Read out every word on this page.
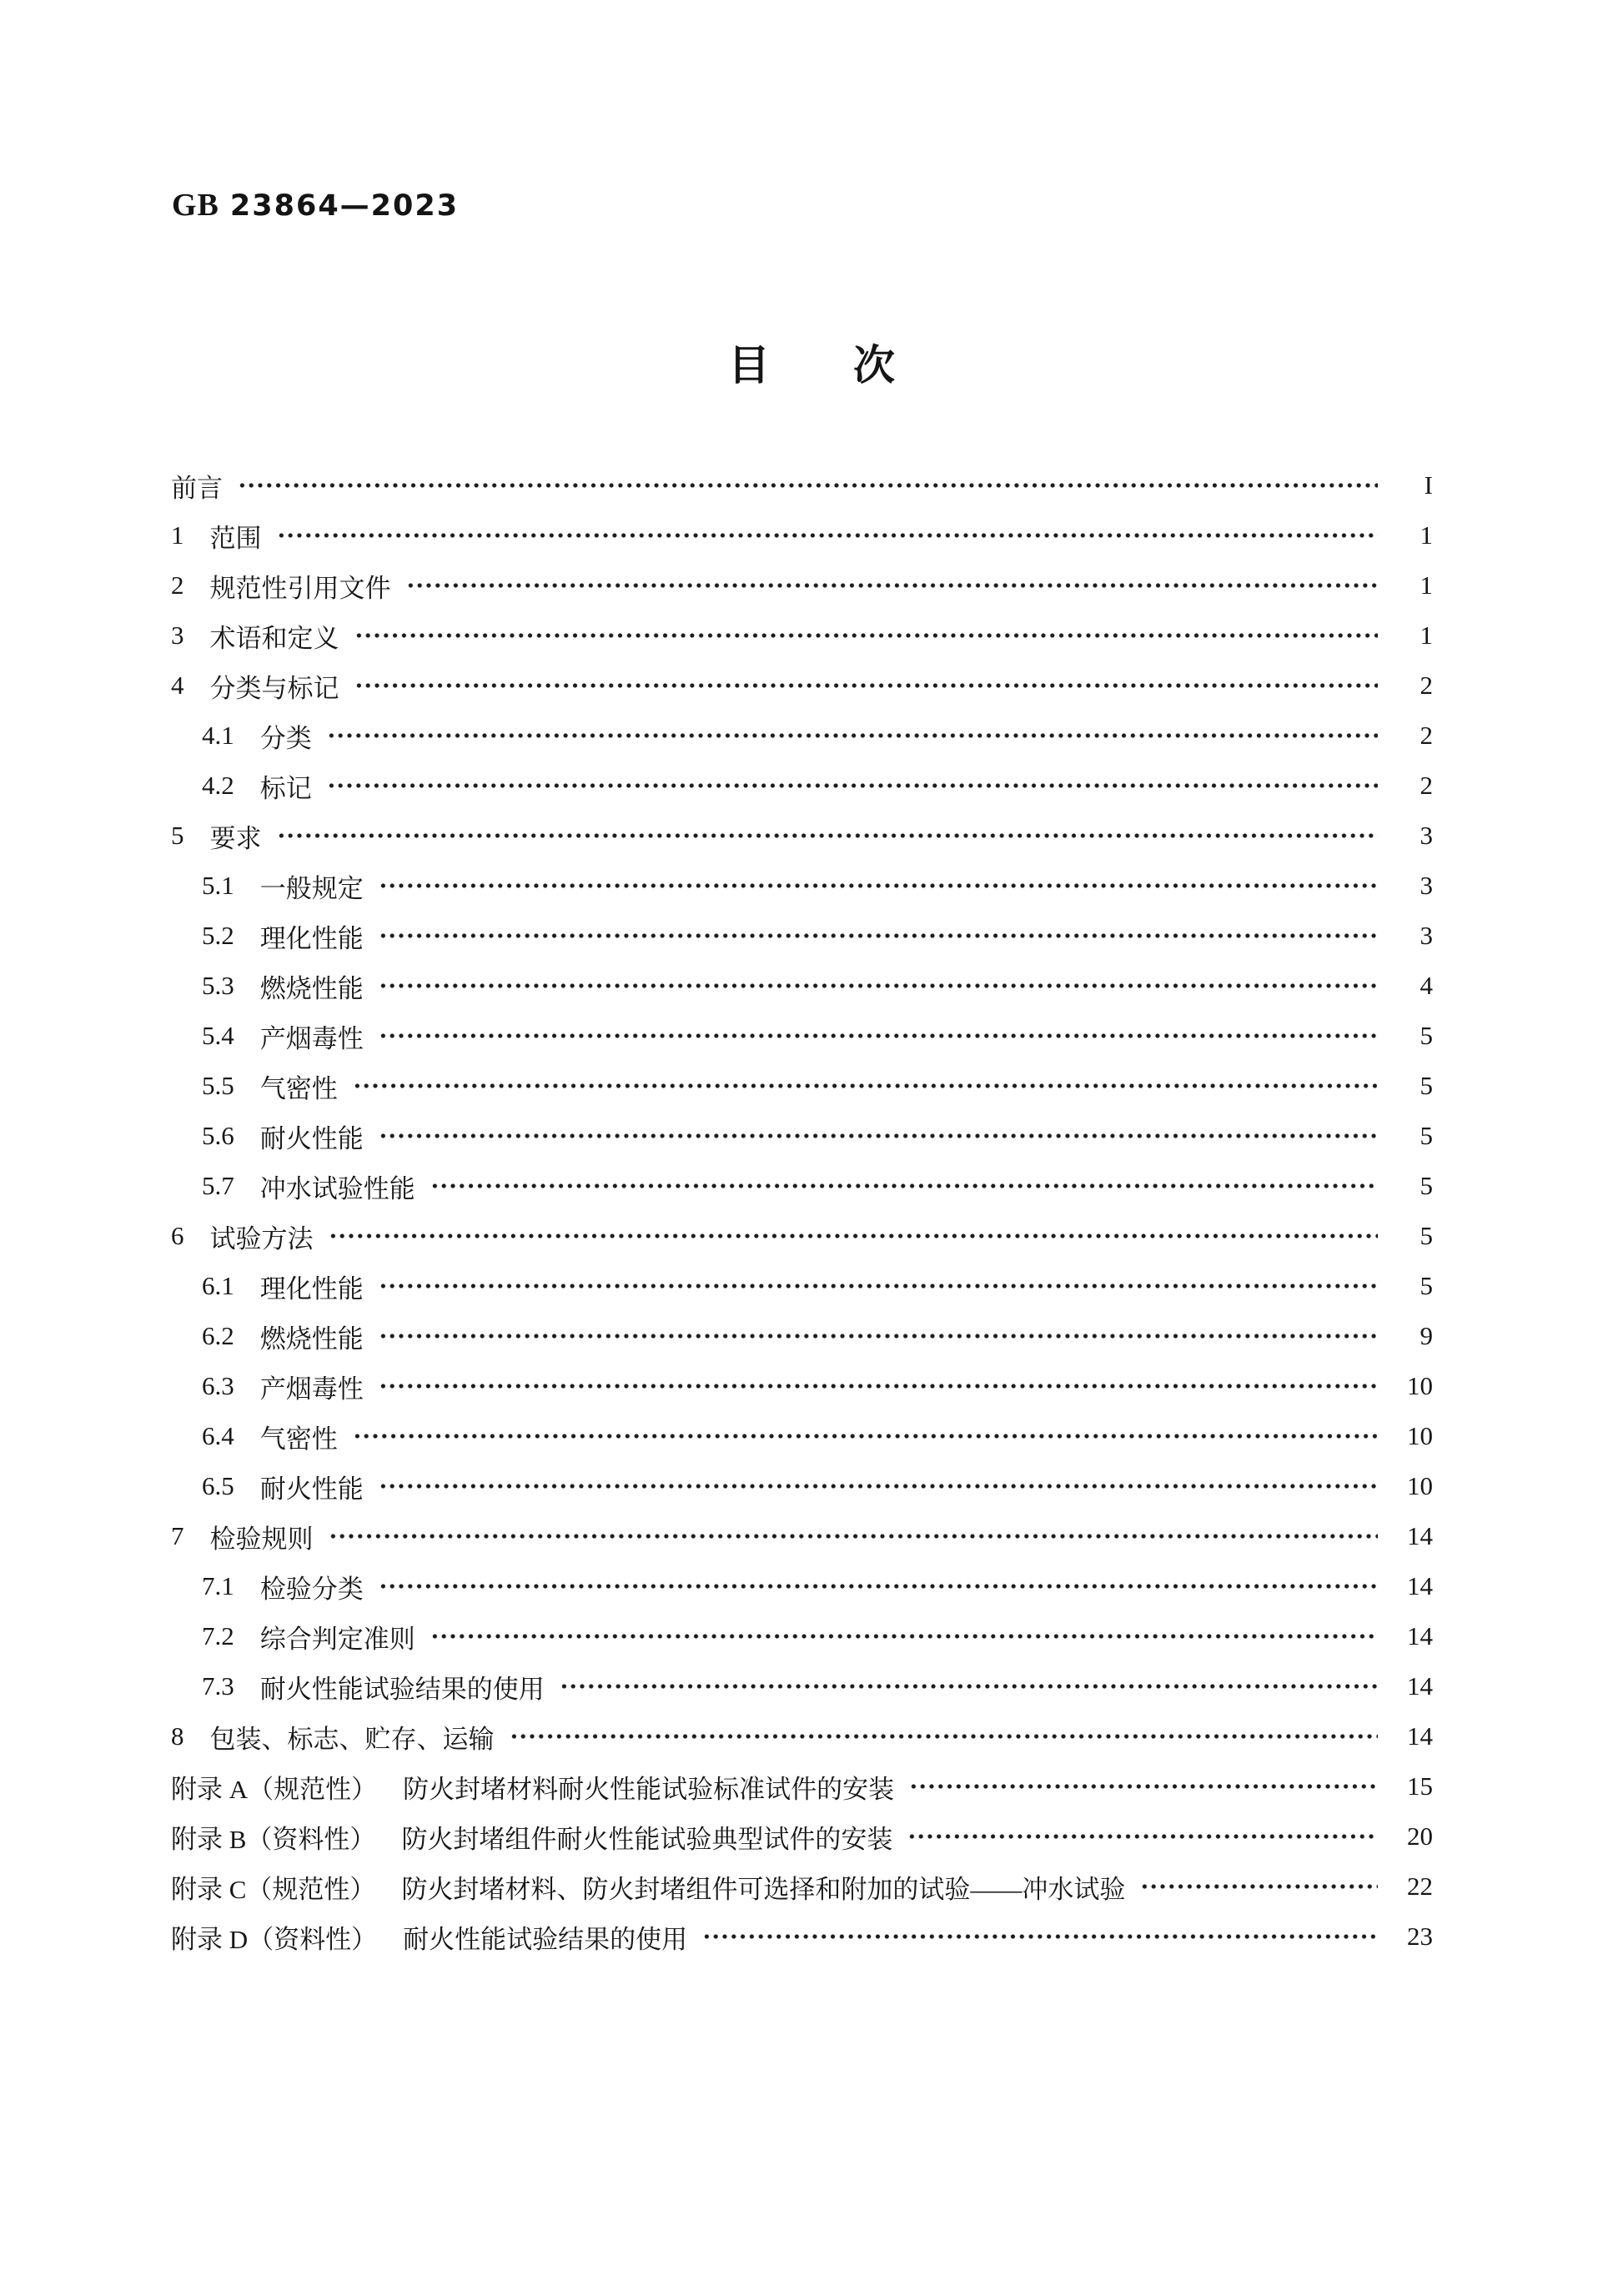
GB 23864—2023
目　　次
前言	I
1 范围	1
2 规范性引用文件	1
3 术语和定义	1
4 分类与标记	2
4.1 分类	2
4.2 标记	2
5 要求	3
5.1 一般规定	3
5.2 理化性能	3
5.3 燃烧性能	4
5.4 产烟毒性	5
5.5 气密性	5
5.6 耐火性能	5
5.7 冲水试验性能	5
6 试验方法	5
6.1 理化性能	5
6.2 燃烧性能	9
6.3 产烟毒性	10
6.4 气密性	10
6.5 耐火性能	10
7 检验规则	14
7.1 检验分类	14
7.2 综合判定准则	14
7.3 耐火性能试验结果的使用	14
8 包装、标志、贮存、运输	14
附录 A（规范性） 防火封堵材料耐火性能试验标准试件的安装	15
附录 B（资料性） 防火封堵组件耐火性能试验典型试件的安装	20
附录 C（规范性） 防火封堵材料、防火封堵组件可选择和附加的试验——冲水试验	22
附录 D（资料性） 耐火性能试验结果的使用	23
